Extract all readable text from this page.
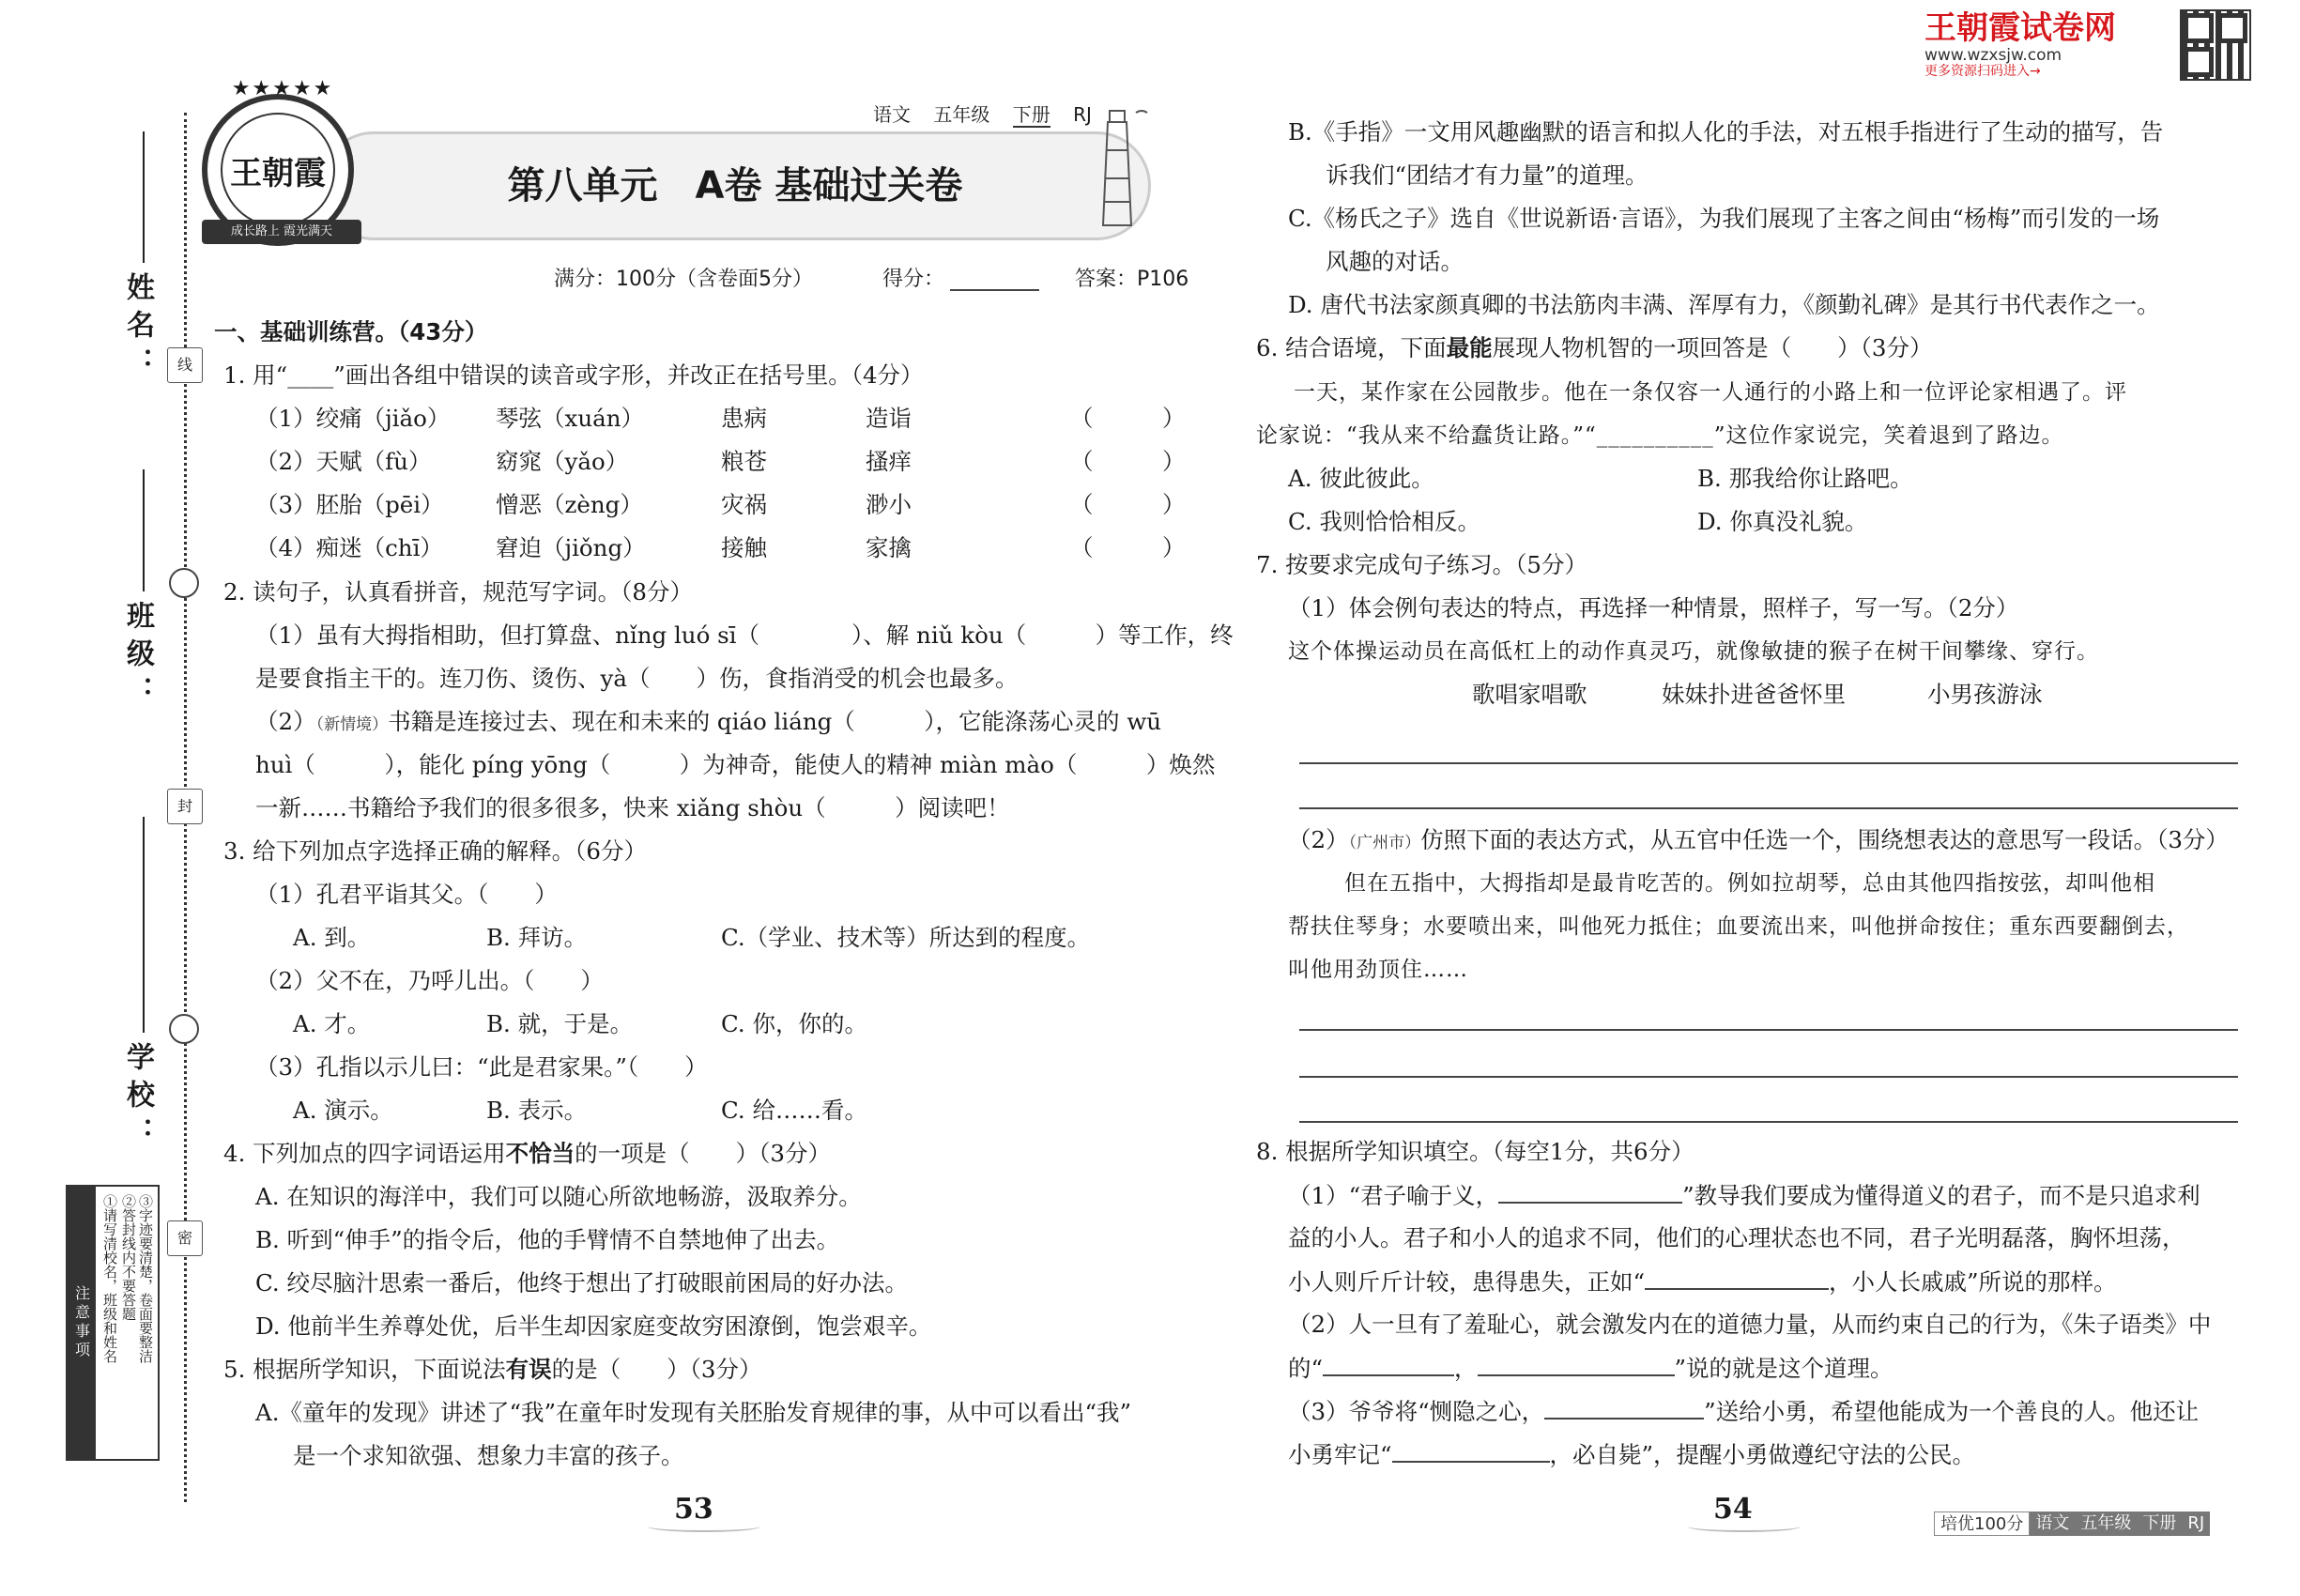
姓名：
班级：
学校：
线
封
密
注意事项 ①请写清校名，班级和姓名 ②答封线内不要答题 ③字迹要清楚，卷面要整洁
第八单元　A卷 基础过关卷
★★★★★
王朝霞
成长路上 霞光满天
语文 五年级 下册 RJ
满分：100分（含卷面5分）	得分：	答案：P106
一、基础训练营。（43分）
1. 用“____”画出各组中错误的读音或字形，并改正在括号里。（4分）
（1）绞痛（jiǎo） 琴弦（xuán）	患病	造诣	（　　　）
（2）天赋（fù）	窈窕（yǎo）	粮苍	搔痒	（　　　）
（3）胚胎（pēi） 憎恶（zèng）	灾祸	渺小	（　　　）
（4）痴迷（chī） 窘迫（jiǒng）	接触	家擒	（　　　）
2. 读句子，认真看拼音，规范写字词。（8分）
（1）虽有大拇指相助，但打算盘、nǐng luó sī（　　　　）、解 niǔ kòu（　　　）等工作，终
是要食指主干的。连刀伤、烫伤、yà（　　）伤，食指消受的机会也最多。
（2）（新情境）书籍是连接过去、现在和未来的 qiáo liáng（　　　），它能涤荡心灵的 wū
huì（　　　），能化 píng yōng（　　　）为神奇，能使人的精神 miàn mào（　　　）焕然
一新……书籍给予我们的很多很多，快来 xiǎng shòu（　　　）阅读吧！
3. 给下列加点字选择正确的解释。（6分）
（1）孔君平诣其父。（　　）
A. 到。	B. 拜访。	C.（学业、技术等）所达到的程度。
（2）父不在，乃呼儿出。（　　）
A. 才。	B. 就，于是。	C. 你，你的。
（3）孔指以示儿曰：“此是君家果。”（　　）
A. 演示。	B. 表示。	C. 给……看。
4. 下列加点的四字词语运用不恰当的一项是（　　）（3分）
A. 在知识的海洋中，我们可以随心所欲地畅游，汲取养分。
B. 听到“伸手”的指令后，他的手臂情不自禁地伸了出去。
C. 绞尽脑汁思索一番后，他终于想出了打破眼前困局的好办法。
D. 他前半生养尊处优，后半生却因家庭变故穷困潦倒，饱尝艰辛。
5. 根据所学知识，下面说法有误的是（　　）（3分）
A.《童年的发现》讲述了“我”在童年时发现有关胚胎发育规律的事，从中可以看出“我”
是一个求知欲强、想象力丰富的孩子。
53
王朝霞试卷网
www.wzxsjw.com
更多资源扫码进入→
B.《手指》一文用风趣幽默的语言和拟人化的手法，对五根手指进行了生动的描写，告
诉我们“团结才有力量”的道理。
C.《杨氏之子》选自《世说新语·言语》，为我们展现了主客之间由“杨梅”而引发的一场
风趣的对话。
D. 唐代书法家颜真卿的书法筋肉丰满、浑厚有力，《颜勤礼碑》是其行书代表作之一。
6. 结合语境，下面最能展现人物机智的一项回答是（　　）（3分）
一天，某作家在公园散步。他在一条仅容一人通行的小路上和一位评论家相遇了。评
论家说：“我从来不给蠢货让路。”“__________”这位作家说完，笑着退到了路边。
A. 彼此彼此。	B. 那我给你让路吧。
C. 我则恰恰相反。	D. 你真没礼貌。
7. 按要求完成句子练习。（5分）
（1）体会例句表达的特点，再选择一种情景，照样子，写一写。（2分）
这个体操运动员在高低杠上的动作真灵巧，就像敏捷的猴子在树干间攀缘、穿行。
歌唱家唱歌	妹妹扑进爸爸怀里	小男孩游泳
（2）（广州市）仿照下面的表达方式，从五官中任选一个，围绕想表达的意思写一段话。（3分）
但在五指中，大拇指却是最肯吃苦的。例如拉胡琴，总由其他四指按弦，却叫他相
帮扶住琴身；水要喷出来，叫他死力抵住；血要流出来，叫他拼命按住；重东西要翻倒去，
叫他用劲顶住……
8. 根据所学知识填空。（每空1分，共6分）
（1）“君子喻于义，	”教导我们要成为懂得道义的君子，而不是只追求利
益的小人。君子和小人的追求不同，他们的心理状态也不同，君子光明磊落，胸怀坦荡，
小人则斤斤计较，患得患失，正如“	，小人长戚戚”所说的那样。
（2）人一旦有了羞耻心，就会激发内在的道德力量，从而约束自己的行为，《朱子语类》中
的“	，	”说的就是这个道理。
（3）爷爷将“恻隐之心，	”送给小勇，希望他能成为一个善良的人。他还让
小勇牢记“	，必自毙”，提醒小勇做遵纪守法的公民。
54	培优100分 语文 五年级 下册 RJ
